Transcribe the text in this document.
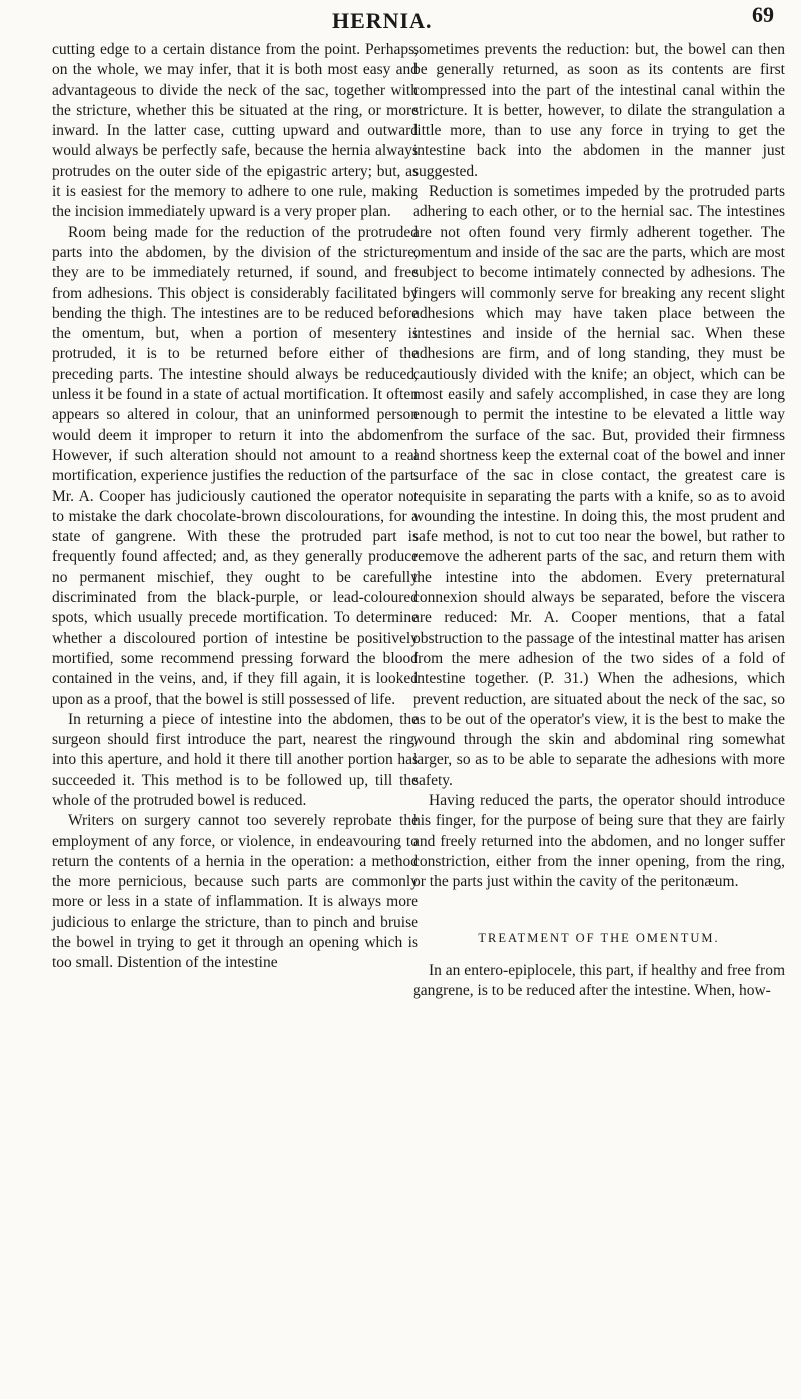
HERNIA.	69

cutting edge to a certain distance from the point. Perhaps, on the whole, we may infer, that it is both most easy and advantageous to divide the neck of the sac, together with the stricture, whether this be situated at the ring, or more inward. In the latter case, cutting upward and outward would always be perfectly safe, because the hernia always protrudes on the outer side of the epigastric artery; but, as it is easiest for the memory to adhere to one rule, making the incision immediately upward is a very proper plan.

Room being made for the reduction of the protruded parts into the abdomen, by the division of the stricture, they are to be immediately returned, if sound, and free from adhesions. This object is considerably facilitated by bending the thigh. The intestines are to be reduced before the omentum, but, when a portion of mesentery is protruded, it is to be returned before either of the preceding parts. The intestine should always be reduced, unless it be found in a state of actual mortification. It often appears so altered in colour, that an uninformed person would deem it improper to return it into the abdomen. However, if such alteration should not amount to a real mortification, experience justifies the reduction of the part. Mr. A. Cooper has judiciously cautioned the operator not to mistake the dark chocolate-brown discolourations, for a state of gangrene. With these the protruded part is frequently found affected; and, as they generally produce no permanent mischief, they ought to be carefully discriminated from the black-purple, or lead-coloured spots, which usually precede mortification. To determine whether a discoloured portion of intestine be positively mortified, some recommend pressing forward the blood contained in the veins, and, if they fill again, it is looked upon as a proof, that the bowel is still possessed of life.

In returning a piece of intestine into the abdomen, the surgeon should first introduce the part, nearest the ring, into this aperture, and hold it there till another portion has succeeded it. This method is to be followed up, till the whole of the protruded bowel is reduced.

Writers on surgery cannot too severely reprobate the employment of any force, or violence, in endeavouring to return the contents of a hernia in the operation: a method the more pernicious, because such parts are commonly more or less in a state of inflammation. It is always more judicious to enlarge the stricture, than to pinch and bruise the bowel in trying to get it through an opening which is too small. Distention of the intestine

sometimes prevents the reduction: but, the bowel can then be generally returned, as soon as its contents are first compressed into the part of the intestinal canal within the stricture. It is better, however, to dilate the strangulation a little more, than to use any force in trying to get the intestine back into the abdomen in the manner just suggested.

Reduction is sometimes impeded by the protruded parts adhering to each other, or to the hernial sac. The intestines are not often found very firmly adherent together. The omentum and inside of the sac are the parts, which are most subject to become intimately connected by adhesions. The fingers will commonly serve for breaking any recent slight adhesions which may have taken place between the intestines and inside of the hernial sac. When these adhesions are firm, and of long standing, they must be cautiously divided with the knife; an object, which can be most easily and safely accomplished, in case they are long enough to permit the intestine to be elevated a little way from the surface of the sac. But, provided their firmness and shortness keep the external coat of the bowel and inner surface of the sac in close contact, the greatest care is requisite in separating the parts with a knife, so as to avoid wounding the intestine. In doing this, the most prudent and safe method, is not to cut too near the bowel, but rather to remove the adherent parts of the sac, and return them with the intestine into the abdomen. Every preternatural connexion should always be separated, before the viscera are reduced: Mr. A. Cooper mentions, that a fatal obstruction to the passage of the intestinal matter has arisen from the mere adhesion of the two sides of a fold of intestine together. (P. 31.) When the adhesions, which prevent reduction, are situated about the neck of the sac, so as to be out of the operator's view, it is the best to make the wound through the skin and abdominal ring somewhat larger, so as to be able to separate the adhesions with more safety.

Having reduced the parts, the operator should introduce his finger, for the purpose of being sure that they are fairly and freely returned into the abdomen, and no longer suffer constriction, either from the inner opening, from the ring, or the parts just within the cavity of the peritonæum.

TREATMENT OF THE OMENTUM.

In an entero-epiplocele, this part, if healthy and free from gangrene, is to be reduced after the intestine. When, how-
